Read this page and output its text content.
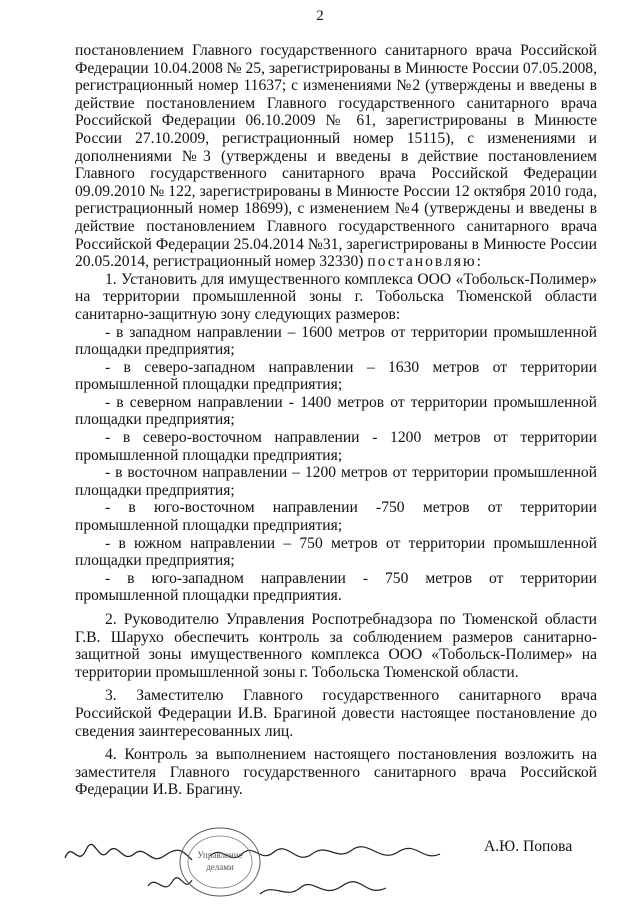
2

постановлением Главного государственного санитарного врача Российской Федерации 10.04.2008 № 25, зарегистрированы в Минюсте России 07.05.2008, регистрационный номер 11637; с изменениями №2 (утверждены и введены в действие постановлением Главного государственного санитарного врача Российской Федерации 06.10.2009 № 61, зарегистрированы в Минюсте России 27.10.2009, регистрационный номер 15115), с изменениями и дополнениями №3 (утверждены и введены в действие постановлением Главного государственного санитарного врача Российской Федерации 09.09.2010 № 122, зарегистрированы в Минюсте России 12 октября 2010 года, регистрационный номер 18699), с изменением №4 (утверждены и введены в действие постановлением Главного государственного санитарного врача Российской Федерации 25.04.2014 №31, зарегистрированы в Минюсте России 20.05.2014, регистрационный номер 32330) постановляю:

1. Установить для имущественного комплекса ООО «Тобольск-Полимер» на территории промышленной зоны г. Тобольска Тюменской области санитарно-защитную зону следующих размеров:

- в западном направлении – 1600 метров от территории промышленной площадки предприятия;

- в северо-западном направлении – 1630 метров от территории промышленной площадки предприятия;

- в северном направлении - 1400 метров от территории промышленной площадки предприятия;

- в северо-восточном направлении - 1200 метров от территории промышленной площадки предприятия;

- в восточном направлении – 1200 метров от территории промышленной площадки предприятия;

- в юго-восточном направлении -750 метров от территории промышленной площадки предприятия;

- в южном направлении – 750 метров от территории промышленной площадки предприятия;

- в юго-западном направлении - 750 метров от территории промышленной площадки предприятия.

2. Руководителю Управления Роспотребнадзора по Тюменской области Г.В. Шарухо обеспечить контроль за соблюдением размеров санитарно-защитной зоны имущественного комплекса ООО «Тобольск-Полимер» на территории промышленной зоны г. Тобольска Тюменской области.

3. Заместителю Главного государственного санитарного врача Российской Федерации И.В. Брагиной довести настоящее постановление до сведения заинтересованных лиц.

4. Контроль за выполнением настоящего постановления возложить на заместителя Главного государственного санитарного врача Российской Федерации И.В. Брагину.

Управление
делами
А.Ю. Попова
